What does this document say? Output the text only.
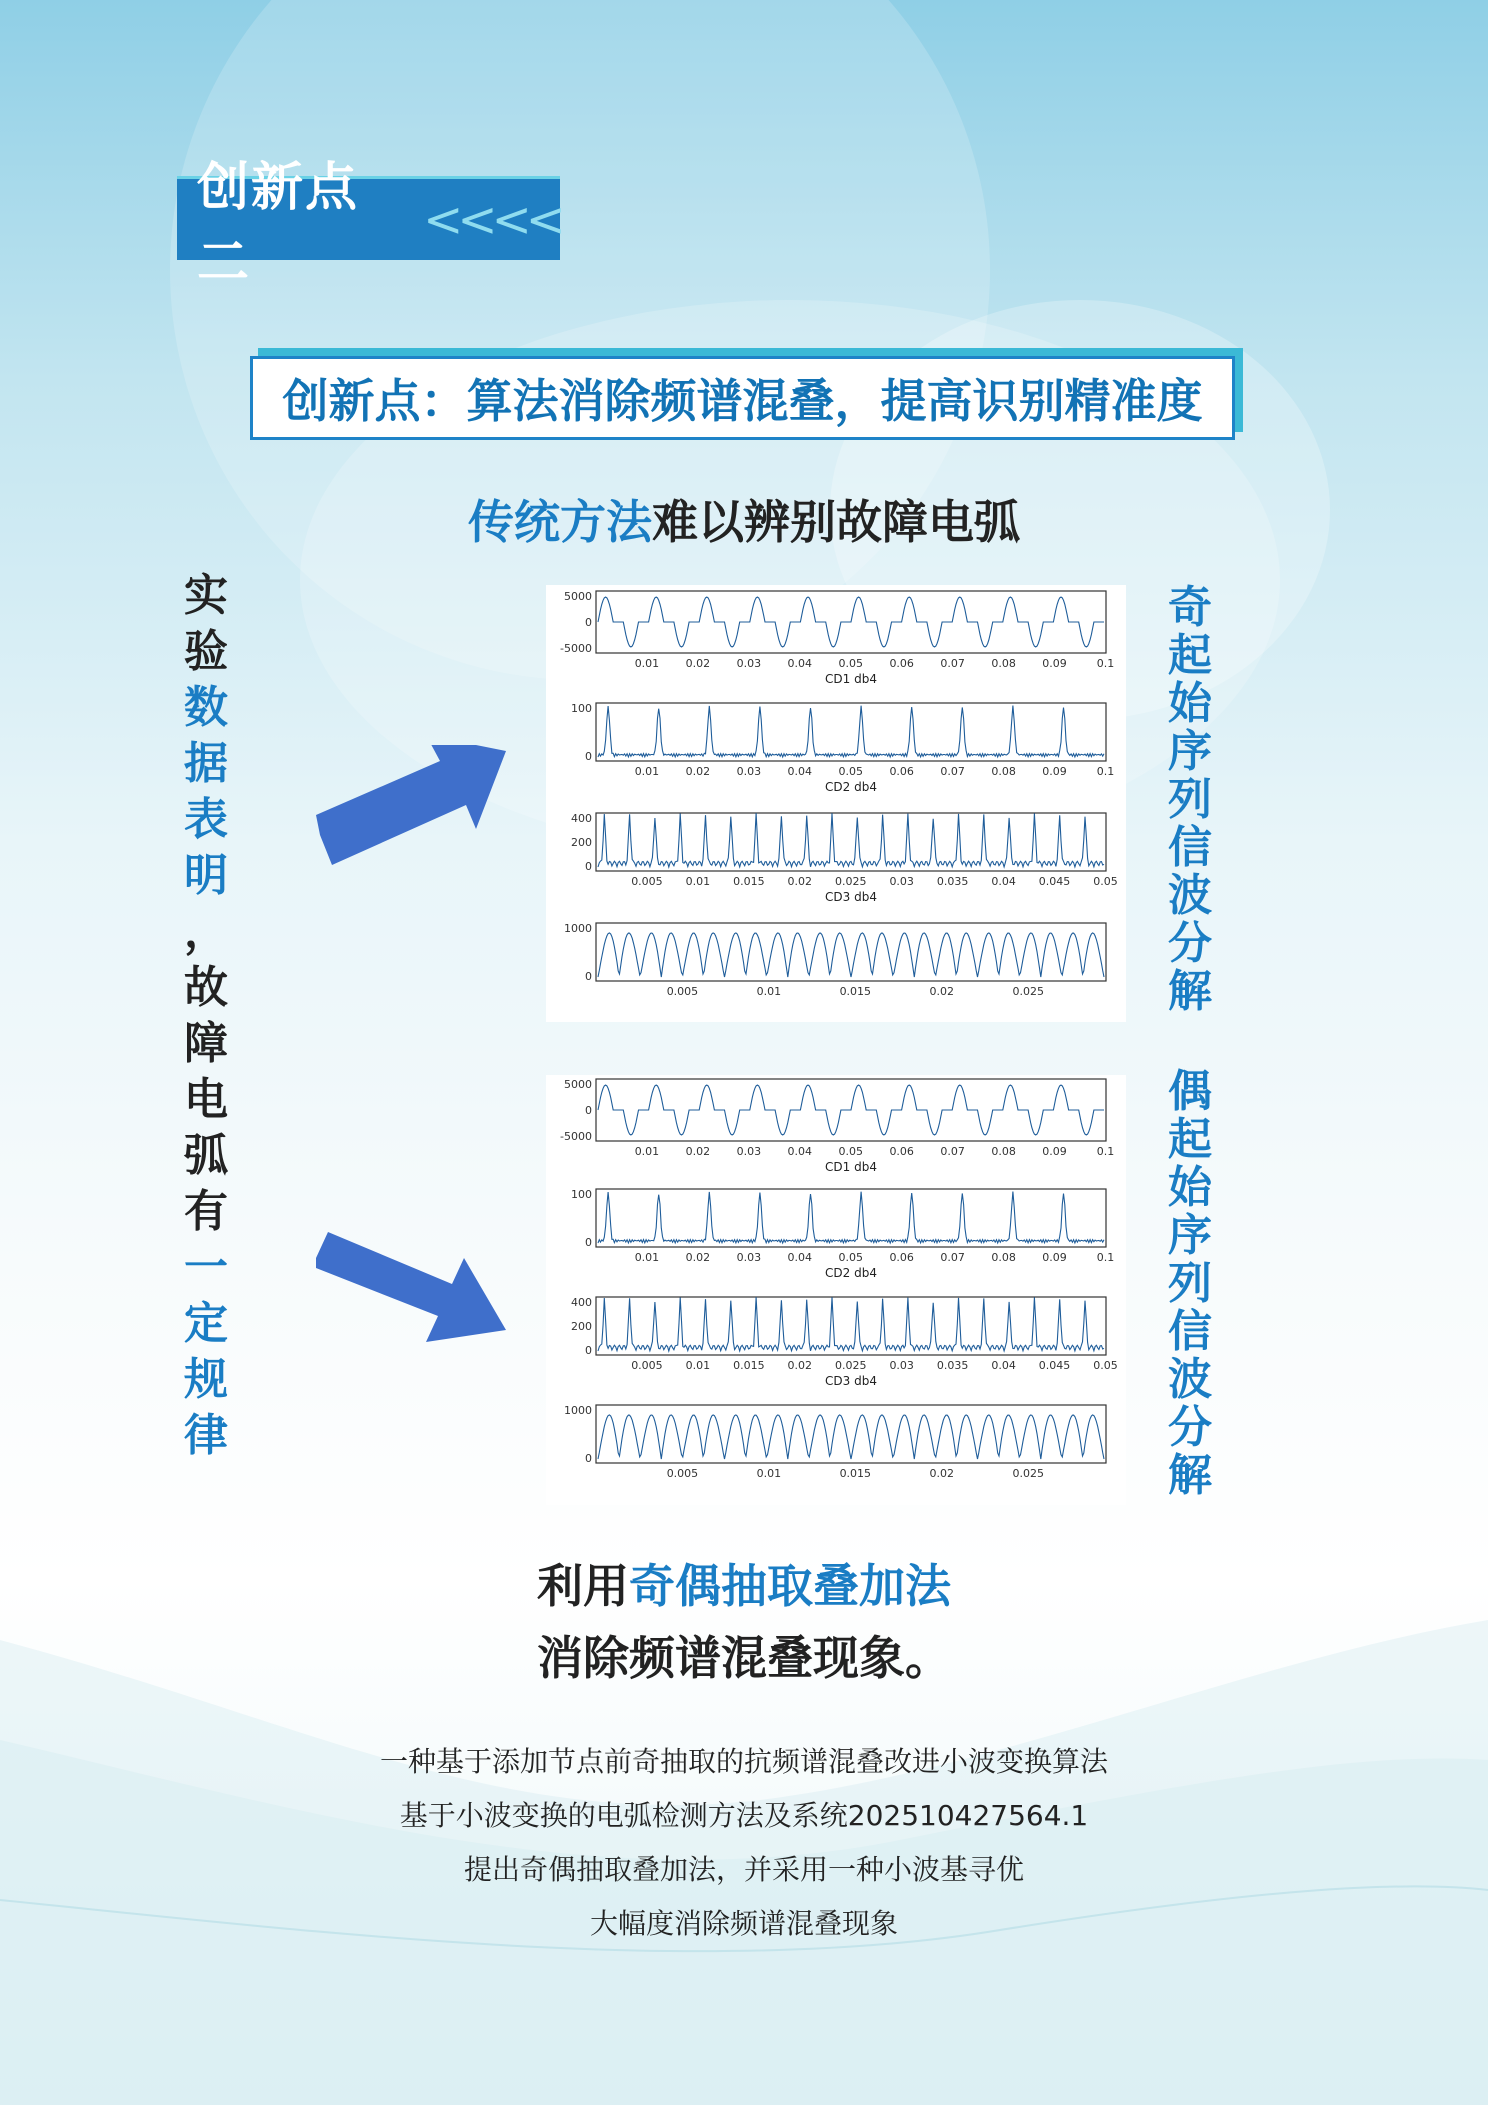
创新点二
<<<<
创新点：算法消除频谱混叠，提高识别精准度
传统方法难以辨别故障电弧
实
验
数
据
表
明
，
故
障
电
弧
有
一定规律
奇
起
始
序
列
信
波
分
解
偶
起
始
序
列
信
波
分
解
5000
0
-5000
0.01 0.02 0.03 0.04 0.05 0.06 0.07 0.08 0.09	0.1
CD1 db4
100
0
0.01 0.02 0.03 0.04 0.05 0.06 0.07 0.08 0.09	0.1
CD2 db4
400
200
0
0.005 0.01 0.015 0.02 0.025 0.03 0.035 0.04 0.045 0.05
CD3 db4
1000
0
0.005	0.01	0.015	0.02	0.025
5000
0
-5000
0.01 0.02 0.03 0.04 0.05 0.06 0.07 0.08 0.09	0.1
CD1 db4
100
0
0.01 0.02 0.03 0.04 0.05 0.06 0.07 0.08 0.09	0.1
CD2 db4
400
200
0
0.005 0.01 0.015 0.02 0.025 0.03 0.035 0.04 0.045 0.05
CD3 db4
1000
0
0.005	0.01	0.015	0.02	0.025
利用奇偶抽取叠加法
消除频谱混叠现象。
一种基于添加节点前奇抽取的抗频谱混叠改进小波变换算法
基于小波变换的电弧检测方法及系统202510427564.1
提出奇偶抽取叠加法，并采用一种小波基寻优
大幅度消除频谱混叠现象
